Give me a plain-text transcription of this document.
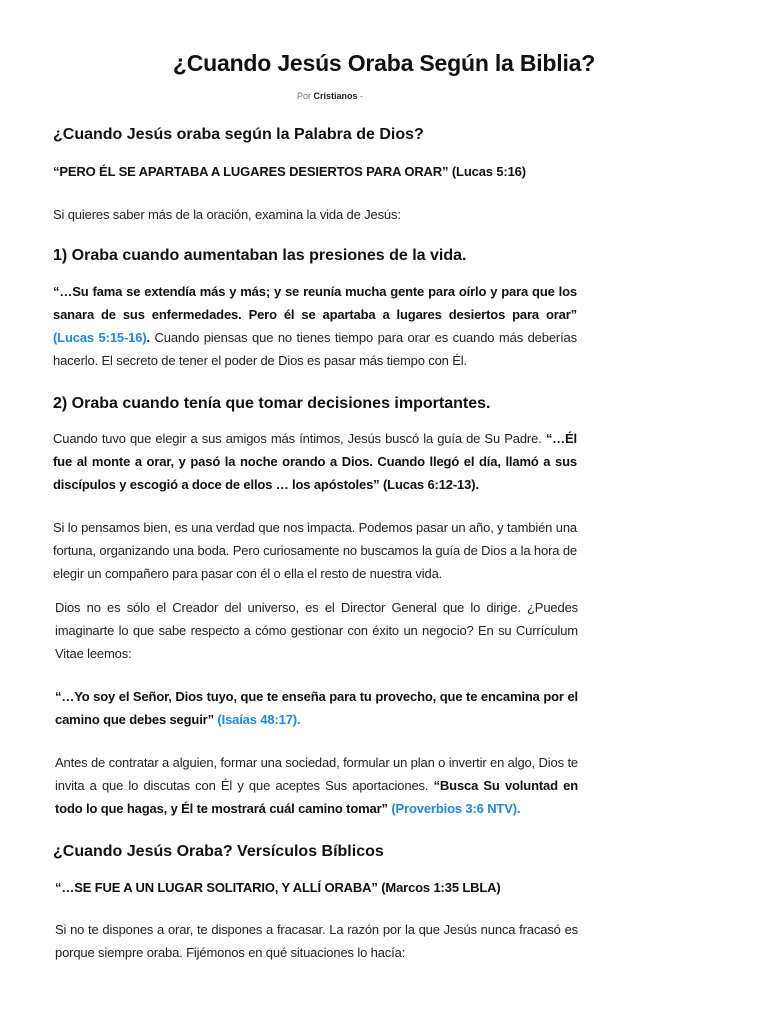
¿Cuando Jesús Oraba Según la Biblia?
Por Cristianos -
¿Cuando Jesús oraba según la Palabra de Dios?

“PERO ÉL SE APARTABA A LUGARES DESIERTOS PARA ORAR” (Lucas 5:16)

Si quieres saber más de la oración, examina la vida de Jesús:

1) Oraba cuando aumentaban las presiones de la vida.

“…Su fama se extendía más y más; y se reunía mucha gente para oírlo y para que los sanara de sus enfermedades. Pero él se apartaba a lugares desiertos para orar” (Lucas 5:15-16). Cuando piensas que no tienes tiempo para orar es cuando más deberías hacerlo. El secreto de tener el poder de Dios es pasar más tiempo con Él.

2) Oraba cuando tenía que tomar decisiones importantes.

Cuando tuvo que elegir a sus amigos más íntimos, Jesús buscó la guía de Su Padre. “…Él fue al monte a orar, y pasó la noche orando a Dios. Cuando llegó el día, llamó a sus discípulos y escogió a doce de ellos … los apóstoles” (Lucas 6:12-13).

Si lo pensamos bien, es una verdad que nos impacta. Podemos pasar un año, y también una fortuna, organizando una boda. Pero curiosamente no buscamos la guía de Dios a la hora de elegir un compañero para pasar con él o ella el resto de nuestra vida.

Dios no es sólo el Creador del universo, es el Director General que lo dirige. ¿Puedes imaginarte lo que sabe respecto a cómo gestionar con éxito un negocio? En su Currículum Vitae leemos:

“…Yo soy el Señor, Dios tuyo, que te enseña para tu provecho, que te encamina por el camino que debes seguir” (Isaías 48:17).

Antes de contratar a alguien, formar una sociedad, formular un plan o invertir en algo, Dios te invita a que lo discutas con Él y que aceptes Sus aportaciones. “Busca Su voluntad en todo lo que hagas, y Él te mostrará cuál camino tomar” (Proverbios 3:6 NTV).

¿Cuando Jesús Oraba? Versículos Bíblicos

“…SE FUE A UN LUGAR SOLITARIO, Y ALLÍ ORABA” (Marcos 1:35 LBLA)

Si no te dispones a orar, te dispones a fracasar. La razón por la que Jesús nunca fracasó es porque siempre oraba. Fijémonos en qué situaciones lo hacía:
